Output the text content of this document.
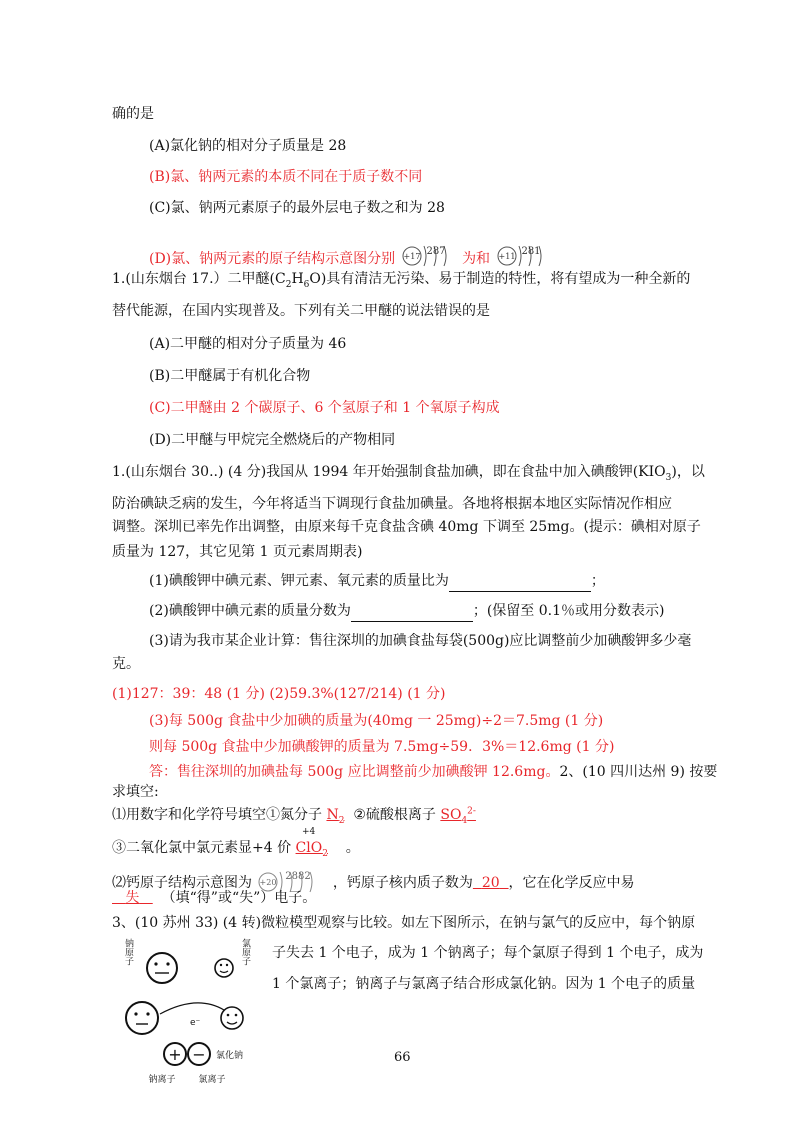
确的是
(A)氯化钠的相对分子质量是 28
(B)氯、钠两元素的本质不同在于质子数不同
(C)氯、钠两元素原子的最外层电子数之和为 28
(D)氯、钠两元素的原子结构示意图分别 +17 287 为和 +11 281
1.(山东烟台 17.）二甲醚$(C_2H_6O)$具有清洁无污染、易于制造的特性，将有望成为一种全新的
替代能源，在国内实现普及。下列有关二甲醚的说法错误的是
(A)二甲醚的相对分子质量为 46
(B)二甲醚属于有机化合物
(C)二甲醚由 2 个碳原子、6 个氢原子和 1 个氧原子构成
(D)二甲醚与甲烷完全燃烧后的产物相同
1.(山东烟台 30..) (4 分)我国从 1994 年开始强制食盐加碘，即在食盐中加入碘酸钾$(KIO_3)$，以
防治碘缺乏病的发生，今年将适当下调现行食盐加碘量。各地将根据本地区实际情况作相应
调整。深圳已率先作出调整，由原来每千克食盐含碘 40mg 下调至 25mg。(提示：碘相对原子
质量为 127，其它见第 1 页元素周期表)
(1)碘酸钾中碘元素、钾元素、氧元素的质量比为	；
(2)碘酸钾中碘元素的质量分数为	；(保留至 0.1％或用分数表示)
(3)请为我市某企业计算：售往深圳的加碘食盐每袋(500g)应比调整前少加碘酸钾多少毫
克。
(1)127：39：48 (1 分) (2)59.3%(127/214) (1 分)
(3)每 500g 食盐中少加碘的质量为(40mg 一 25mg)÷2＝7.5mg (1 分)
则每 500g 食盐中少加碘酸钾的质量为 7.5mg÷59．3%＝12.6mg (1 分)
答：售往深圳的加碘盐每 500g 应比调整前少加碘酸钾 12.6mg。2、(10 四川达州 9) 按要
求填空:
⑴用数字和化学符号填空①氮分子 $N_2$ ②硫酸根离子 $SO_4^{2-}$
+4
③二氧化氯中氯元素显+4 价 ClO$_2$ 。
⑵钙原子结构示意图为 +20
2882 ，钙原子核内质子数为 20 ，它在化学反应中易
失 （填“得”或“失”）电子。
3、(10 苏州 33) (4 转)微粒模型观察与比较。如左下图所示，在钠与氯气的反应中，每个钠原
子失去 1 个电子，成为 1 个钠离子；每个氯原子得到 1 个电子，成为
1 个氯离子；钠离子与氯离子结合形成氯化钠。因为 1 个电子的质量
钠原子	氯原子
e⁻
+ − 氯化钠
钠离子	氯离子
66
